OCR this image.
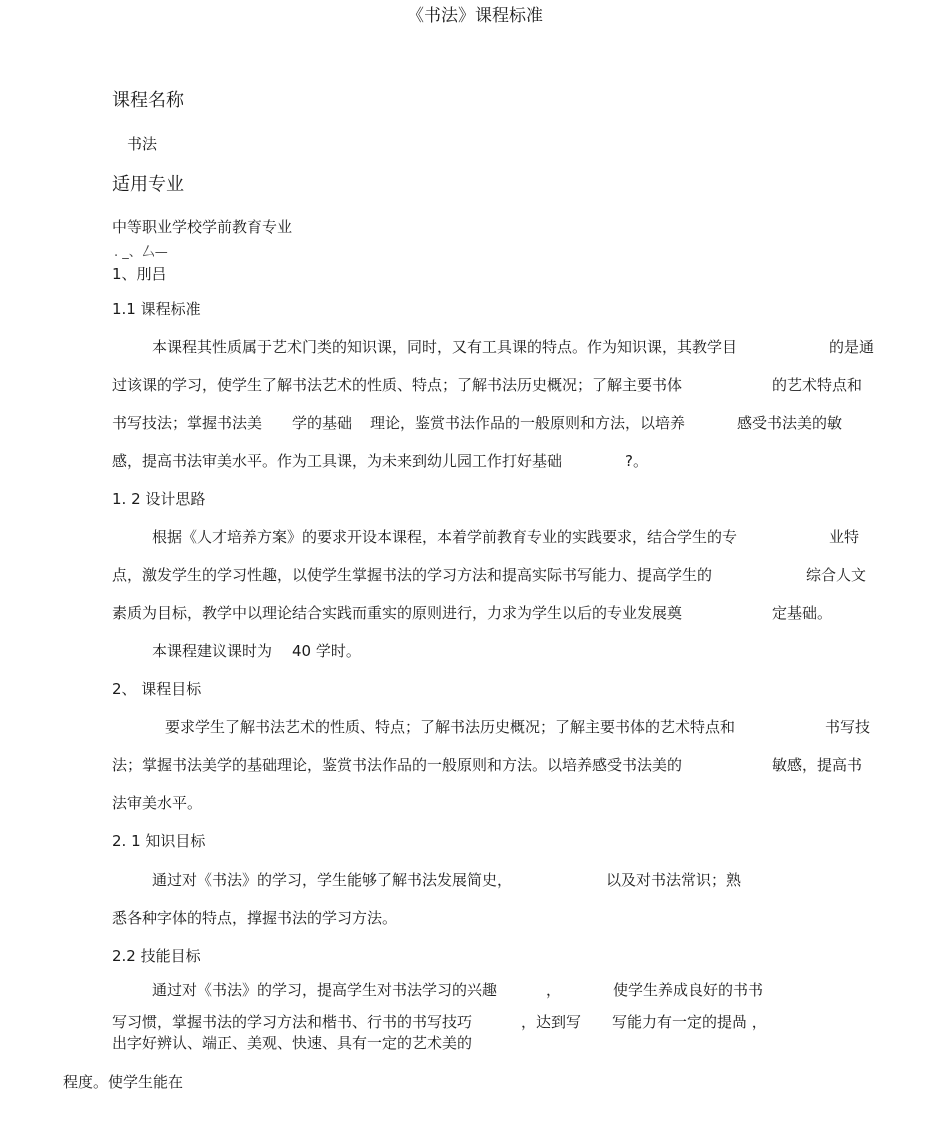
《书法》课程标准
课程名称
书法
适用专业
中等职业学校学前教育专业
. _、厶—
1、刖吕
1.1 课程标准
本课程其性质属于艺术门类的知识课，同时，又有工具课的特点。作为知识课，其教学目	的是通
过该课的学习，使学生了解书法艺术的性质、特点；了解书法历史概况；了解主要书体	的艺术特点和
书写技法；掌握书法美 学的基础 理论，鉴赏书法作品的一般原则和方法，以培养	感受书法美的敏
感，提高书法审美水平。作为工具课，为未来到幼儿园工作打好基础	?。
1. 2 设计思路
根据《人才培养方案》的要求开设本课程，本着学前教育专业的实践要求，结合学生的专	业特
点，激发学生的学习性趣，以使学生掌握书法的学习方法和提高实际书写能力、提高学生的	综合人文
素质为目标，教学中以理论结合实践而重实的原则进行，力求为学生以后的专业发展奠	定基础。
本课程建议课时为 40 学时。
2、 课程目标
要求学生了解书法艺术的性质、特点；了解书法历史概况；了解主要书体的艺术特点和	书写技
法；掌握书法美学的基础理论，鉴赏书法作品的一般原则和方法。以培养感受书法美的	敏感，提高书
法审美水平。
2. 1 知识目标
通过对《书法》的学习，学生能够了解书法发展简史，	以及对书法常识；熟
悉各种字体的特点，撑握书法的学习方法。
2.2 技能目标
通过对《书法》的学习，提高学生对书法学习的兴趣	，	使学生养成良好的书书
写习惯，掌握书法的学习方法和楷书、行书的书写技巧	，达到写 写能力有一定的提咼 ，
出字好辨认、端正、美观、快速、具有一定的艺术美的
程度。使学生能在
